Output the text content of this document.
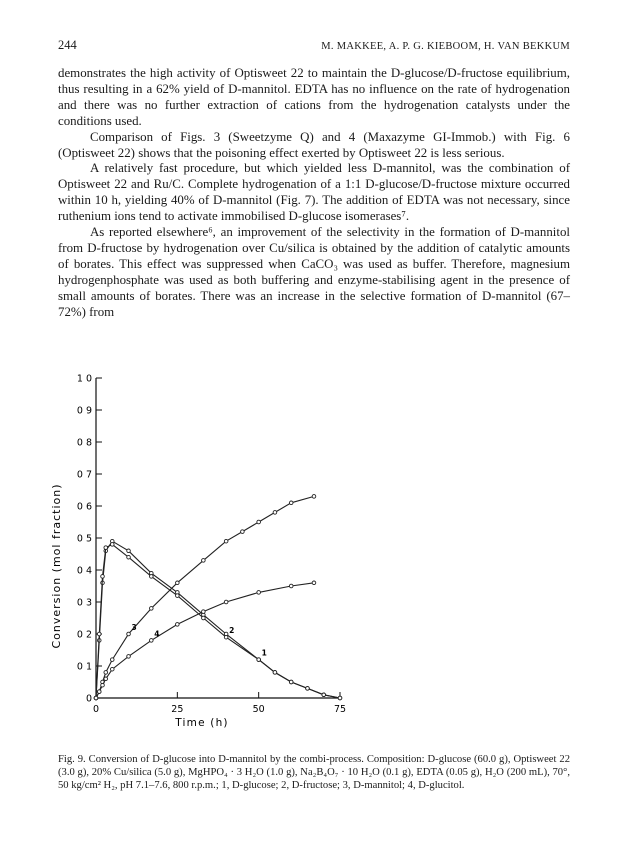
244	M. MAKKEE, A. P. G. KIEBOOM, H. VAN BEKKUM

demonstrates the high activity of Optisweet 22 to maintain the D-glucose/D-fructose equilibrium, thus resulting in a 62% yield of D-mannitol. EDTA has no influence on the rate of hydrogenation and there was no further extraction of cations from the hydrogenation catalysts under the conditions used.

Comparison of Figs. 3 (Sweetzyme Q) and 4 (Maxazyme GI-Immob.) with Fig. 6 (Optisweet 22) shows that the poisoning effect exerted by Optisweet 22 is less serious.

A relatively fast procedure, but which yielded less D-mannitol, was the combination of Optisweet 22 and Ru/C. Complete hydrogenation of a 1:1 D-glucose/D-fructose mixture occurred within 10 h, yielding 40% of D-mannitol (Fig. 7). The addition of EDTA was not necessary, since ruthenium ions tend to activate immobilised D-glucose isomerases⁷.

As reported elsewhere⁶, an improvement of the selectivity in the formation of D-mannitol from D-fructose by hydrogenation over Cu/silica is obtained by the addition of catalytic amounts of borates. This effect was suppressed when CaCO₃ was used as buffer. Therefore, magnesium hydrogenphosphate was used as both buffering and enzyme-stabilising agent in the presence of small amounts of borates. There was an increase in the selective formation of D-mannitol (67–72%) from

0
0 1
0 2
0 3
0 4
0 5
0 6
0 7
0 8
0 9
1 0
0	25	50	75
1
2
3
4
Conversion (mol fraction)
Time (h)
Fig. 9. Conversion of D-glucose into D-mannitol by the combi-process. Composition: D-glucose (60.0 g), Optisweet 22 (3.0 g), 20% Cu/silica (5.0 g), MgHPO₄ · 3 H₂O (1.0 g), Na₂B₄O₇ · 10 H₂O (0.1 g), EDTA (0.05 g), H₂O (200 mL), 70°, 50 kg/cm² H₂, pH 7.1–7.6, 800 r.p.m.; 1, D-glucose; 2, D-fructose; 3, D-mannitol; 4, D-glucitol.
